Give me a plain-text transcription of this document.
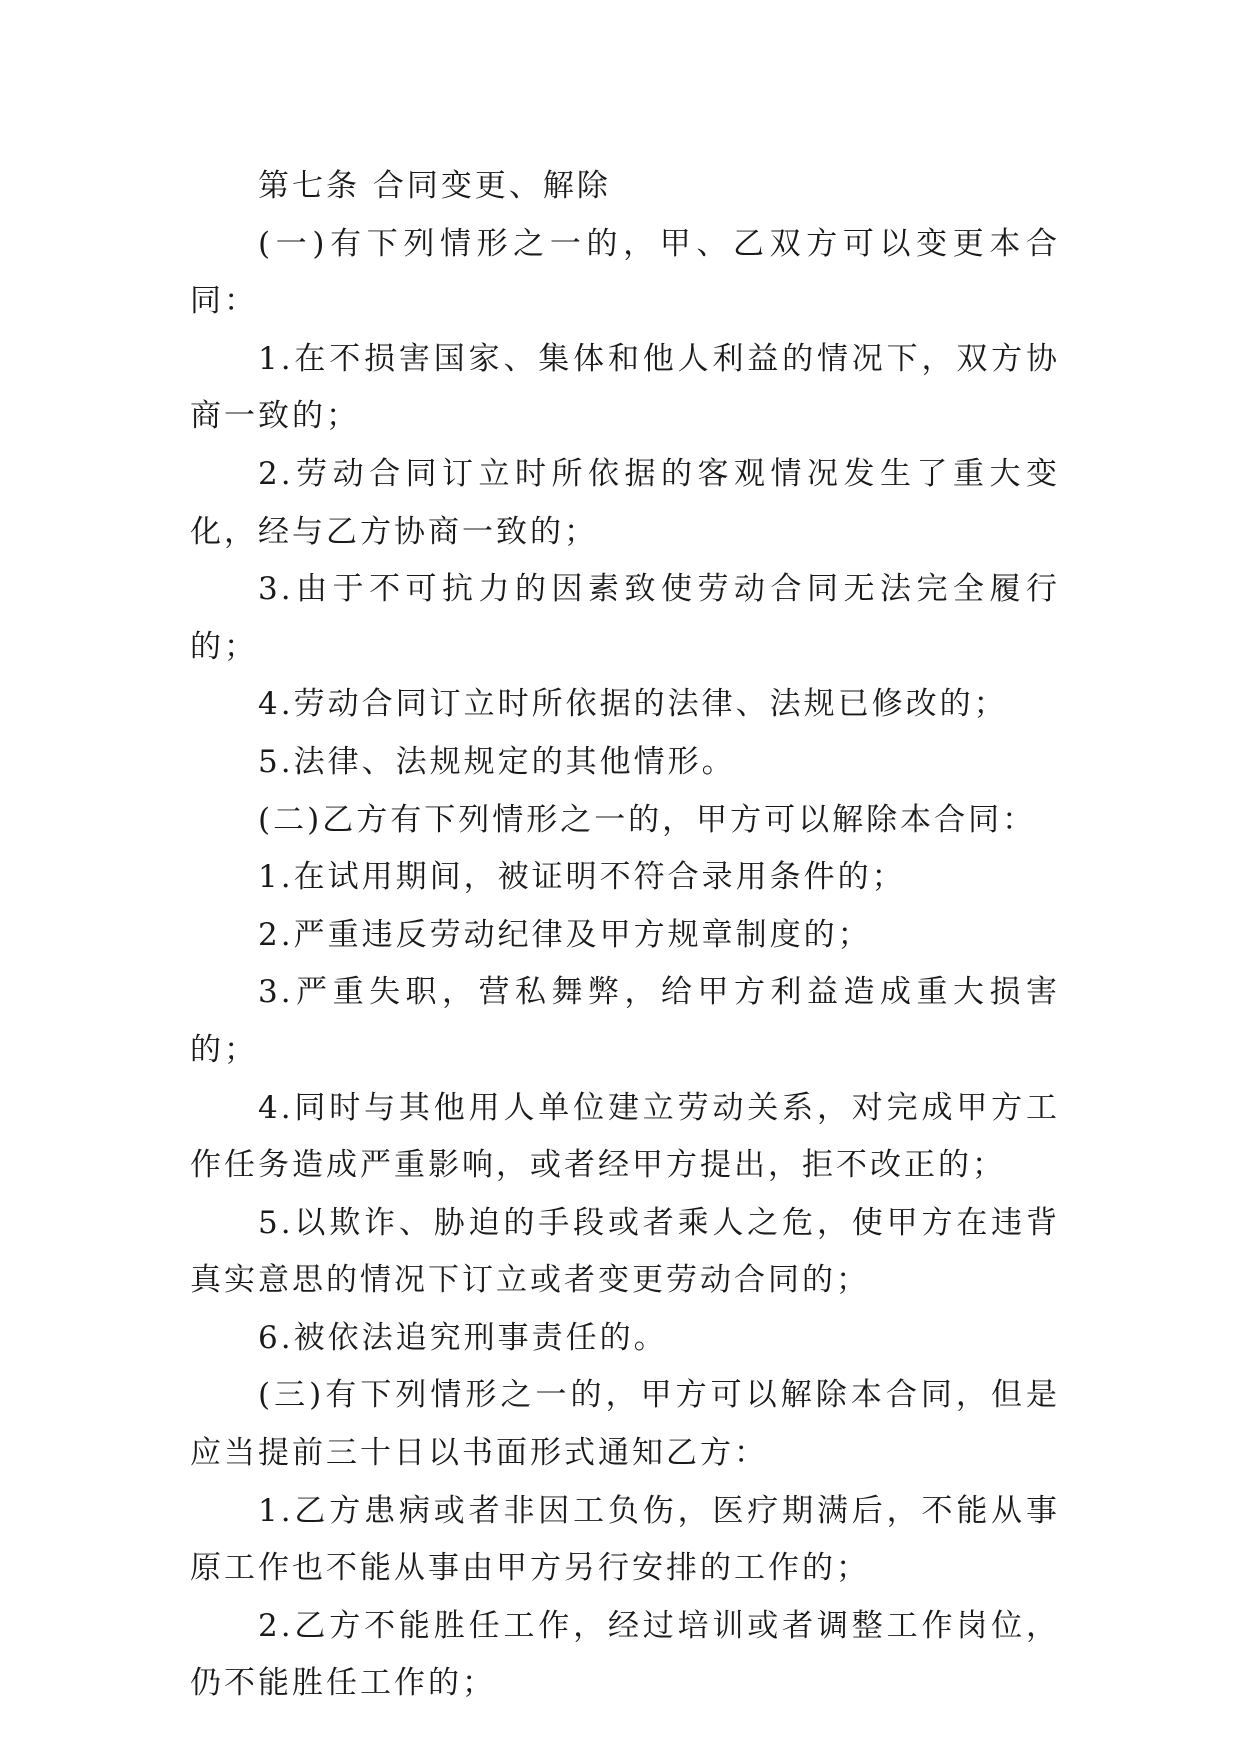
第七条 合同变更、解除

(一)有下列情形之一的，甲、乙双方可以变更本合同：

1.在不损害国家、集体和他人利益的情况下，双方协商一致的；

2.劳动合同订立时所依据的客观情况发生了重大变化，经与乙方协商一致的；

3.由于不可抗力的因素致使劳动合同无法完全履行的；

4.劳动合同订立时所依据的法律、法规已修改的；

5.法律、法规规定的其他情形。

(二)乙方有下列情形之一的，甲方可以解除本合同：

1.在试用期间，被证明不符合录用条件的；

2.严重违反劳动纪律及甲方规章制度的；

3.严重失职，营私舞弊，给甲方利益造成重大损害的；

4.同时与其他用人单位建立劳动关系，对完成甲方工作任务造成严重影响，或者经甲方提出，拒不改正的；

5.以欺诈、胁迫的手段或者乘人之危，使甲方在违背真实意思的情况下订立或者变更劳动合同的；

6.被依法追究刑事责任的。

(三)有下列情形之一的，甲方可以解除本合同，但是应当提前三十日以书面形式通知乙方：

1.乙方患病或者非因工负伤，医疗期满后，不能从事原工作也不能从事由甲方另行安排的工作的；

2.乙方不能胜任工作，经过培训或者调整工作岗位，仍不能胜任工作的；
